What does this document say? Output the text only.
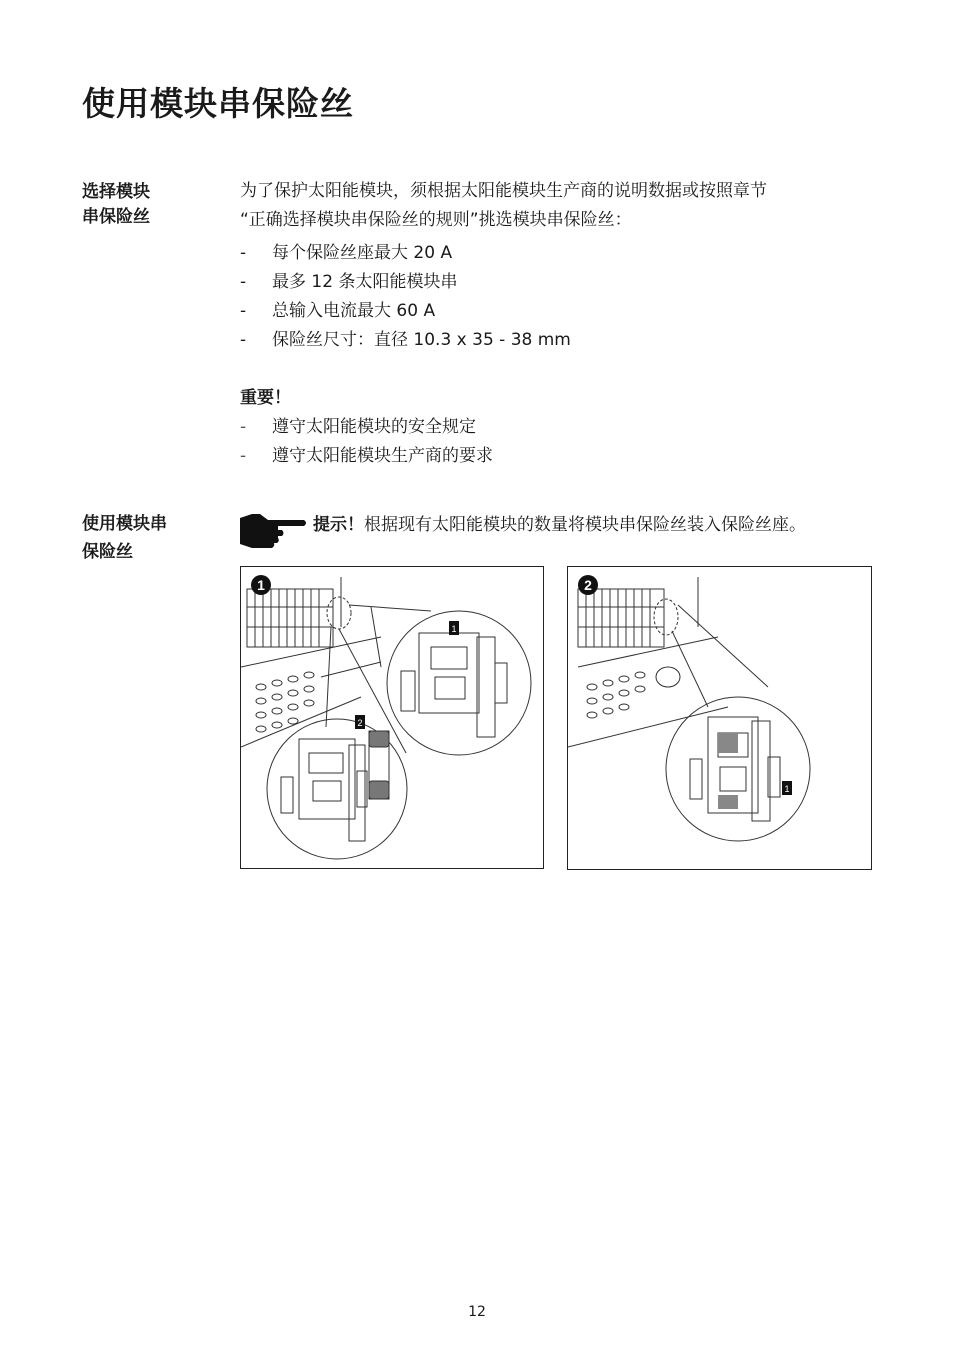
使用模块串保险丝
选择模块
串保险丝
为了保护太阳能模块，须根据太阳能模块生产商的说明数据或按照章节
“正确选择模块串保险丝的规则”挑选模块串保险丝：
- 每个保险丝座最大 20 A
- 最多 12 条太阳能模块串
- 总输入电流最大 60 A
- 保险丝尺寸：直径 10.3 x 35 - 38 mm
重要！
- 遵守太阳能模块的安全规定
- 遵守太阳能模块生产商的要求
使用模块串
保险丝
提示！根据现有太阳能模块的数量将模块串保险丝装入保险丝座。
1
2
1
1
2
12
